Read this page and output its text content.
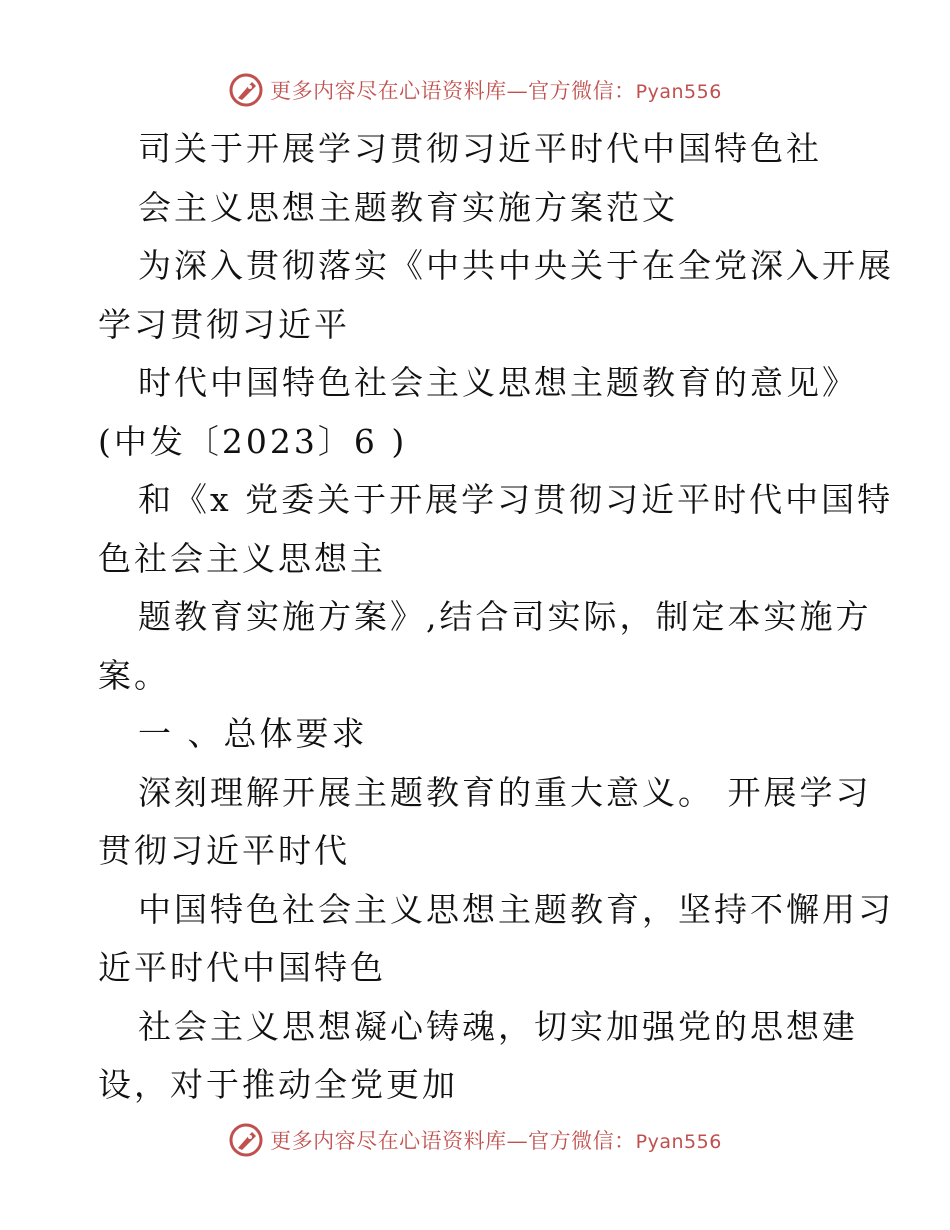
更多内容尽在心语资料库—官方微信：Pyan556
司关于开展学习贯彻习近平时代中国特色社
会主义思想主题教育实施方案范文
为深入贯彻落实《中共中央关于在全党深入开展
学习贯彻习近平
时代中国特色社会主义思想主题教育的意见》
(中发〔2023〕6 )
和《x 党委关于开展学习贯彻习近平时代中国特
色社会主义思想主
题教育实施方案》,结合司实际，制定本实施方
案。
一 、总体要求
深刻理解开展主题教育的重大意义。 开展学习
贯彻习近平时代
中国特色社会主义思想主题教育，坚持不懈用习
近平时代中国特色
社会主义思想凝心铸魂，切实加强党的思想建
设，对于推动全党更加
更多内容尽在心语资料库—官方微信：Pyan556
